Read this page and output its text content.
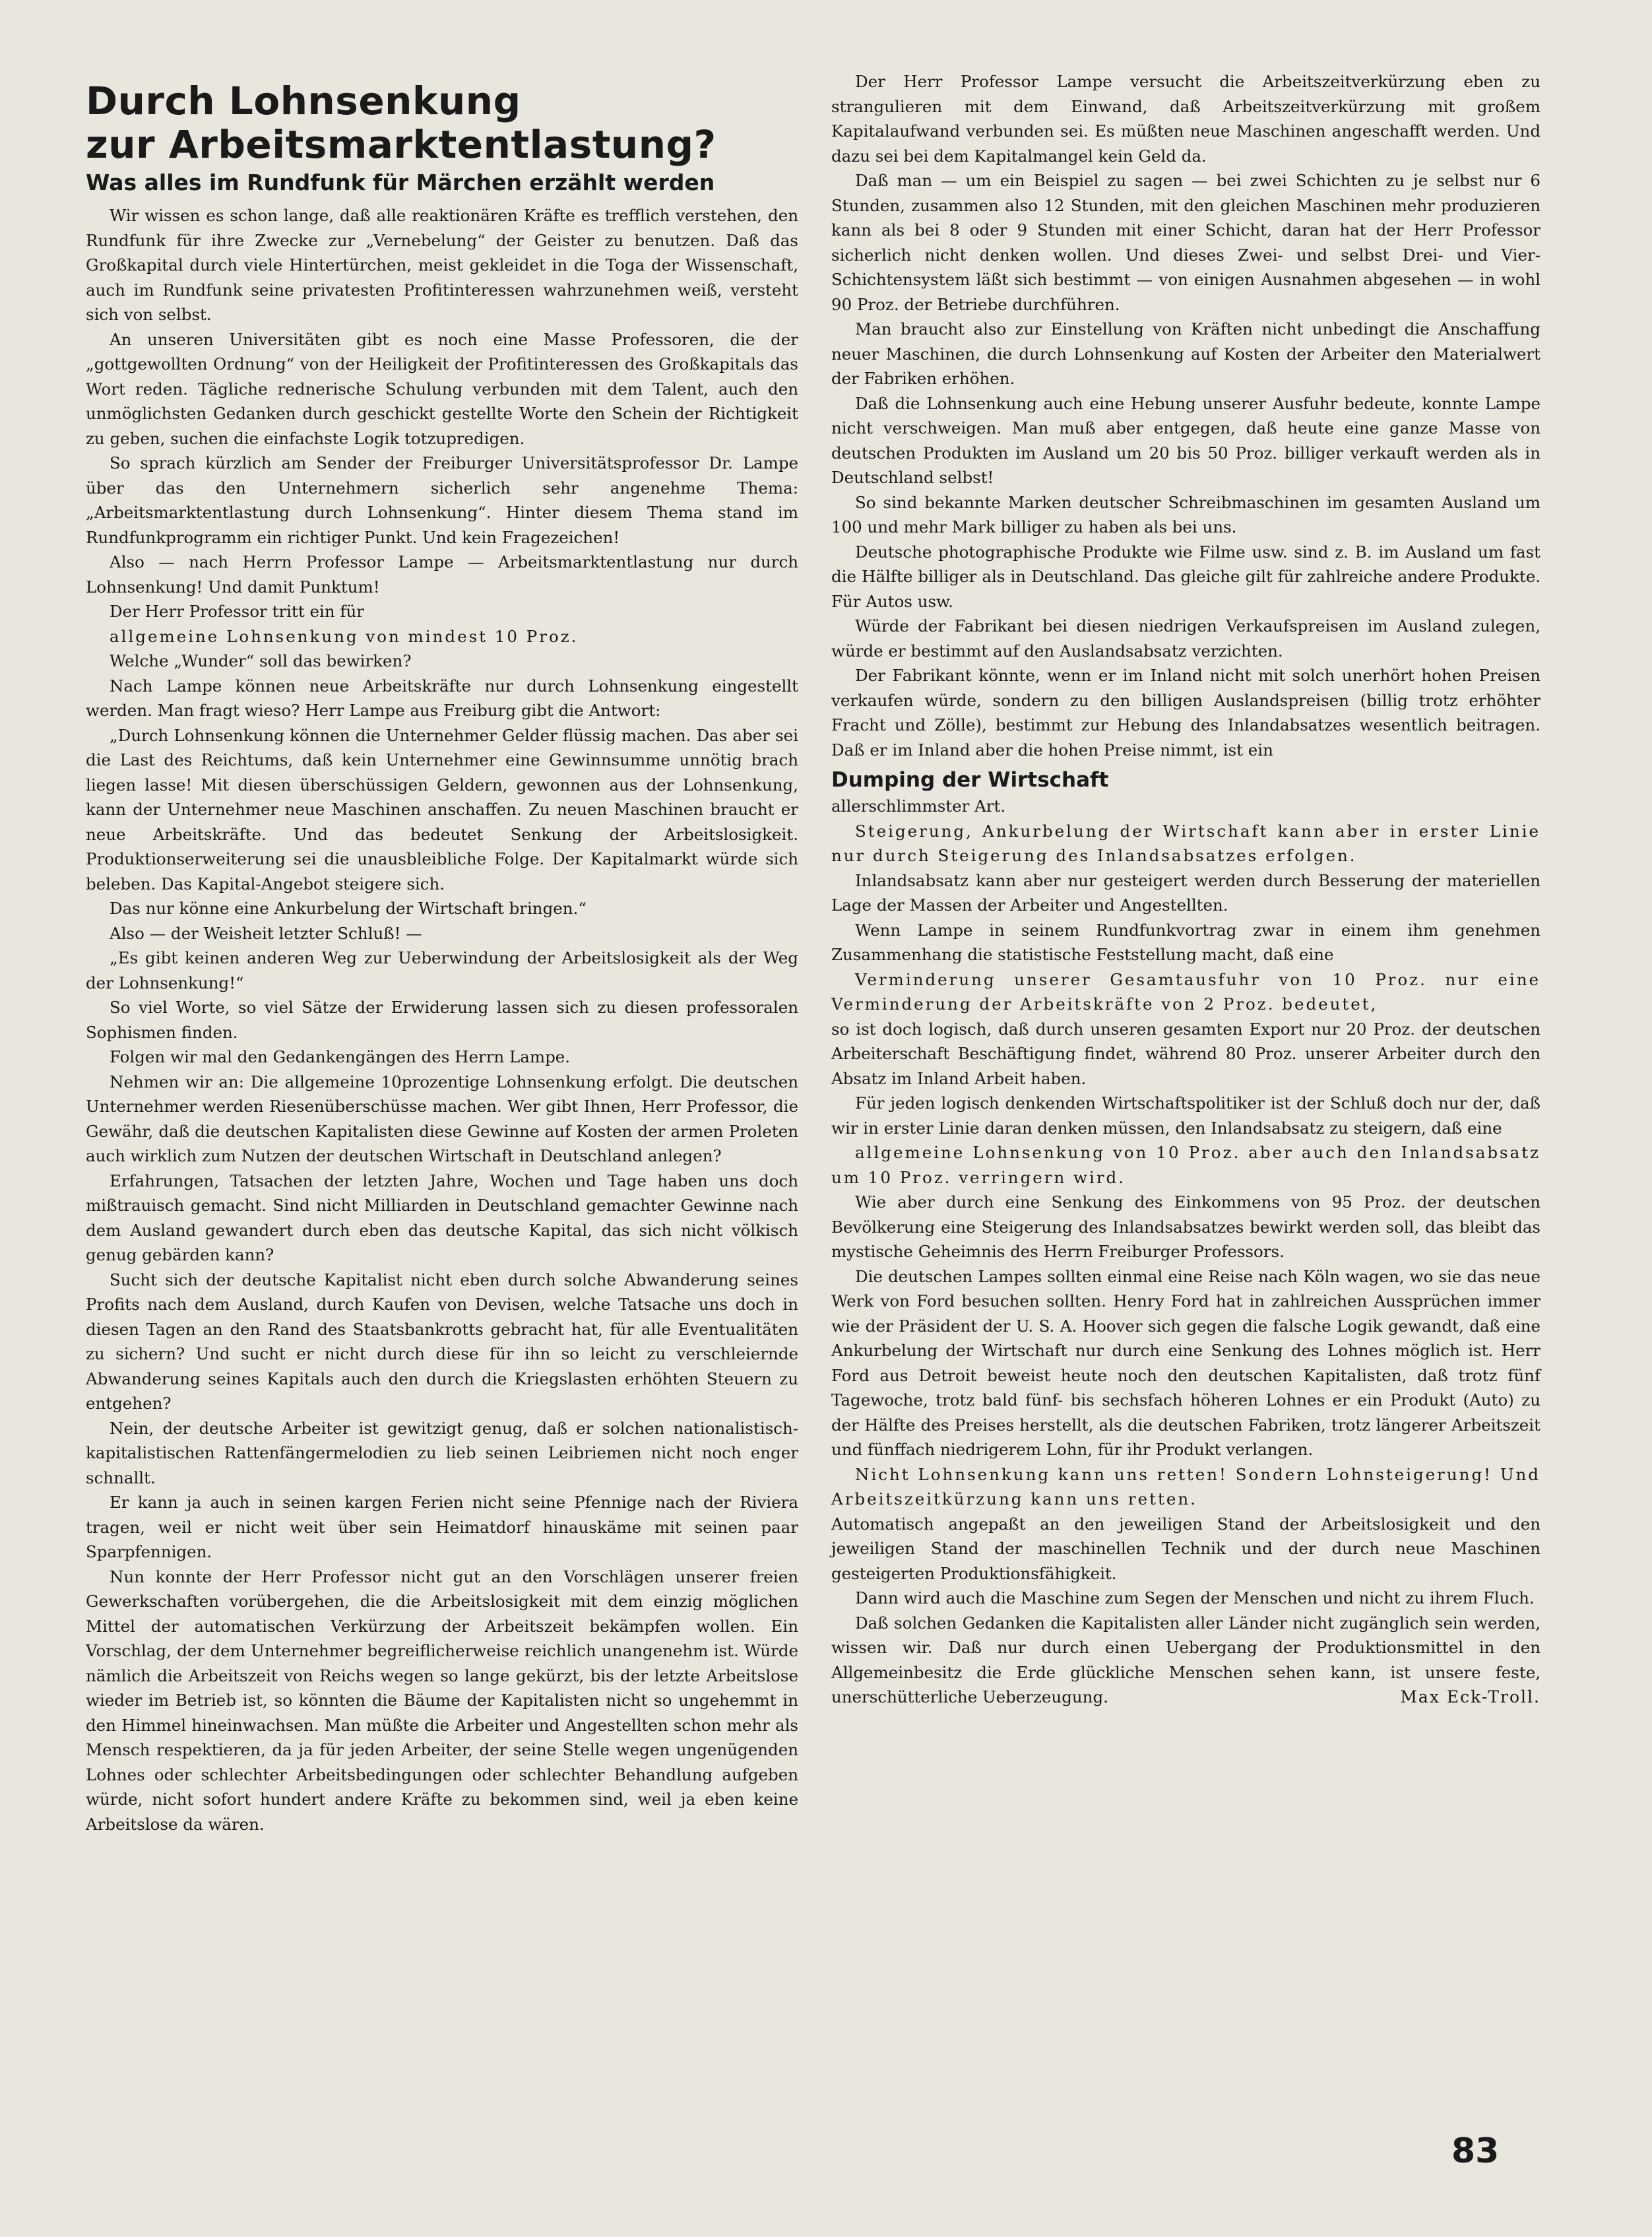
Durch Lohnsenkung
zur Arbeitsmarktentlastung?
Was alles im Rundfunk für Märchen erzählt werden

Wir wissen es schon lange, daß alle reaktionären Kräfte es trefflich verstehen, den Rundfunk für ihre Zwecke zur „Vernebelung“ der Geister zu benutzen. Daß das Großkapital durch viele Hintertürchen, meist gekleidet in die Toga der Wissenschaft, auch im Rundfunk seine privatesten Profitinteressen wahrzunehmen weiß, versteht sich von selbst.

An unseren Universitäten gibt es noch eine Masse Professoren, die der „gottgewollten Ordnung“ von der Heiligkeit der Profitinteressen des Großkapitals das Wort reden. Tägliche rednerische Schulung verbunden mit dem Talent, auch den unmöglichsten Gedanken durch geschickt gestellte Worte den Schein der Richtigkeit zu geben, suchen die einfachste Logik totzupredigen.

So sprach kürzlich am Sender der Freiburger Universitätsprofessor Dr. Lampe über das den Unternehmern sicherlich sehr angenehme Thema: „Arbeitsmarktentlastung durch Lohnsenkung“. Hinter diesem Thema stand im Rundfunkprogramm ein richtiger Punkt. Und kein Fragezeichen!

Also — nach Herrn Professor Lampe — Arbeitsmarktentlastung nur durch Lohnsenkung! Und damit Punktum!

Der Herr Professor tritt ein für

allgemeine Lohnsenkung von mindest 10 Proz.

Welche „Wunder“ soll das bewirken?

Nach Lampe können neue Arbeitskräfte nur durch Lohnsenkung eingestellt werden. Man fragt wieso? Herr Lampe aus Freiburg gibt die Antwort:

„Durch Lohnsenkung können die Unternehmer Gelder flüssig machen. Das aber sei die Last des Reichtums, daß kein Unternehmer eine Gewinnsumme unnötig brach liegen lasse! Mit diesen überschüssigen Geldern, gewonnen aus der Lohnsenkung, kann der Unternehmer neue Maschinen anschaffen. Zu neuen Maschinen braucht er neue Arbeitskräfte. Und das bedeutet Senkung der Arbeitslosigkeit. Produktionserweiterung sei die unausbleibliche Folge. Der Kapitalmarkt würde sich beleben. Das Kapital-Angebot steigere sich.

Das nur könne eine Ankurbelung der Wirtschaft bringen.“

Also — der Weisheit letzter Schluß! —

„Es gibt keinen anderen Weg zur Ueberwindung der Arbeitslosigkeit als der Weg der Lohnsenkung!“

So viel Worte, so viel Sätze der Erwiderung lassen sich zu diesen professoralen Sophismen finden.

Folgen wir mal den Gedankengängen des Herrn Lampe.

Nehmen wir an: Die allgemeine 10prozentige Lohnsenkung erfolgt. Die deutschen Unternehmer werden Riesenüberschüsse machen. Wer gibt Ihnen, Herr Professor, die Gewähr, daß die deutschen Kapitalisten diese Gewinne auf Kosten der armen Proleten auch wirklich zum Nutzen der deutschen Wirtschaft in Deutschland anlegen?

Erfahrungen, Tatsachen der letzten Jahre, Wochen und Tage haben uns doch mißtrauisch gemacht. Sind nicht Milliarden in Deutschland gemachter Gewinne nach dem Ausland gewandert durch eben das deutsche Kapital, das sich nicht völkisch genug gebärden kann?

Sucht sich der deutsche Kapitalist nicht eben durch solche Abwanderung seines Profits nach dem Ausland, durch Kaufen von Devisen, welche Tatsache uns doch in diesen Tagen an den Rand des Staatsbankrotts gebracht hat, für alle Eventualitäten zu sichern? Und sucht er nicht durch diese für ihn so leicht zu verschleiernde Abwanderung seines Kapitals auch den durch die Kriegslasten erhöhten Steuern zu entgehen?

Nein, der deutsche Arbeiter ist gewitzigt genug, daß er solchen nationalistisch-kapitalistischen Rattenfängermelodien zu lieb seinen Leibriemen nicht noch enger schnallt.

Er kann ja auch in seinen kargen Ferien nicht seine Pfennige nach der Riviera tragen, weil er nicht weit über sein Heimatdorf hinauskäme mit seinen paar Sparpfennigen.

Nun konnte der Herr Professor nicht gut an den Vorschlägen unserer freien Gewerkschaften vorübergehen, die die Arbeitslosigkeit mit dem einzig möglichen Mittel der automatischen Verkürzung der Arbeitszeit bekämpfen wollen. Ein Vorschlag, der dem Unternehmer begreiflicherweise reichlich unangenehm ist. Würde nämlich die Arbeitszeit von Reichs wegen so lange gekürzt, bis der letzte Arbeitslose wieder im Betrieb ist, so könnten die Bäume der Kapitalisten nicht so ungehemmt in den Himmel hineinwachsen. Man müßte die Arbeiter und Angestellten schon mehr als Mensch respektieren, da ja für jeden Arbeiter, der seine Stelle wegen ungenügenden Lohnes oder schlechter Arbeitsbedingungen oder schlechter Behandlung aufgeben würde, nicht sofort hundert andere Kräfte zu bekommen sind, weil ja eben keine Arbeitslose da wären.

Der Herr Professor Lampe versucht die Arbeitszeitverkürzung eben zu strangulieren mit dem Einwand, daß Arbeitszeitverkürzung mit großem Kapitalaufwand verbunden sei. Es müßten neue Maschinen angeschafft werden. Und dazu sei bei dem Kapitalmangel kein Geld da.

Daß man — um ein Beispiel zu sagen — bei zwei Schichten zu je selbst nur 6 Stunden, zusammen also 12 Stunden, mit den gleichen Maschinen mehr produzieren kann als bei 8 oder 9 Stunden mit einer Schicht, daran hat der Herr Professor sicherlich nicht denken wollen. Und dieses Zwei- und selbst Drei- und Vier-Schichtensystem läßt sich bestimmt — von einigen Ausnahmen abgesehen — in wohl 90 Proz. der Betriebe durchführen.

Man braucht also zur Einstellung von Kräften nicht unbedingt die Anschaffung neuer Maschinen, die durch Lohnsenkung auf Kosten der Arbeiter den Materialwert der Fabriken erhöhen.

Daß die Lohnsenkung auch eine Hebung unserer Ausfuhr bedeute, konnte Lampe nicht verschweigen. Man muß aber entgegen, daß heute eine ganze Masse von deutschen Produkten im Ausland um 20 bis 50 Proz. billiger verkauft werden als in Deutschland selbst!

So sind bekannte Marken deutscher Schreibmaschinen im gesamten Ausland um 100 und mehr Mark billiger zu haben als bei uns.

Deutsche photographische Produkte wie Filme usw. sind z. B. im Ausland um fast die Hälfte billiger als in Deutschland. Das gleiche gilt für zahlreiche andere Produkte. Für Autos usw.

Würde der Fabrikant bei diesen niedrigen Verkaufspreisen im Ausland zulegen, würde er bestimmt auf den Auslandsabsatz verzichten.

Der Fabrikant könnte, wenn er im Inland nicht mit solch unerhört hohen Preisen verkaufen würde, sondern zu den billigen Auslandspreisen (billig trotz erhöhter Fracht und Zölle), bestimmt zur Hebung des Inlandabsatzes wesentlich beitragen. Daß er im Inland aber die hohen Preise nimmt, ist ein

Dumping der Wirtschaft

allerschlimmster Art.

Steigerung, Ankurbelung der Wirtschaft kann aber in erster Linie nur durch Steigerung des Inlandsabsatzes erfolgen.

Inlandsabsatz kann aber nur gesteigert werden durch Besserung der materiellen Lage der Massen der Arbeiter und Angestellten.

Wenn Lampe in seinem Rundfunkvortrag zwar in einem ihm genehmen Zusammenhang die statistische Feststellung macht, daß eine

Verminderung unserer Gesamtausfuhr von 10 Proz. nur eine Verminderung der Arbeitskräfte von 2 Proz. bedeutet,

so ist doch logisch, daß durch unseren gesamten Export nur 20 Proz. der deutschen Arbeiterschaft Beschäftigung findet, während 80 Proz. unserer Arbeiter durch den Absatz im Inland Arbeit haben.

Für jeden logisch denkenden Wirtschaftspolitiker ist der Schluß doch nur der, daß wir in erster Linie daran denken müssen, den Inlandsabsatz zu steigern, daß eine

allgemeine Lohnsenkung von 10 Proz. aber auch den Inlandsabsatz um 10 Proz. verringern wird.

Wie aber durch eine Senkung des Einkommens von 95 Proz. der deutschen Bevölkerung eine Steigerung des Inlandsabsatzes bewirkt werden soll, das bleibt das mystische Geheimnis des Herrn Freiburger Professors.

Die deutschen Lampes sollten einmal eine Reise nach Köln wagen, wo sie das neue Werk von Ford besuchen sollten. Henry Ford hat in zahlreichen Aussprüchen immer wie der Präsident der U. S. A. Hoover sich gegen die falsche Logik gewandt, daß eine Ankurbelung der Wirtschaft nur durch eine Senkung des Lohnes möglich ist. Herr Ford aus Detroit beweist heute noch den deutschen Kapitalisten, daß trotz fünf Tagewoche, trotz bald fünf- bis sechsfach höheren Lohnes er ein Produkt (Auto) zu der Hälfte des Preises herstellt, als die deutschen Fabriken, trotz längerer Arbeitszeit und fünffach niedrigerem Lohn, für ihr Produkt verlangen.

Nicht Lohnsenkung kann uns retten! Sondern Lohnsteigerung! Und Arbeitszeitkürzung kann uns retten.

Automatisch angepaßt an den jeweiligen Stand der Arbeitslosigkeit und den jeweiligen Stand der maschinellen Technik und der durch neue Maschinen gesteigerten Produktionsfähigkeit.

Dann wird auch die Maschine zum Segen der Menschen und nicht zu ihrem Fluch.

Daß solchen Gedanken die Kapitalisten aller Länder nicht zugänglich sein werden, wissen wir. Daß nur durch einen Uebergang der Produktionsmittel in den Allgemeinbesitz die Erde glückliche Menschen sehen kann, ist unsere feste, unerschütterliche Ueberzeugung.	Max Eck-Troll.
83
